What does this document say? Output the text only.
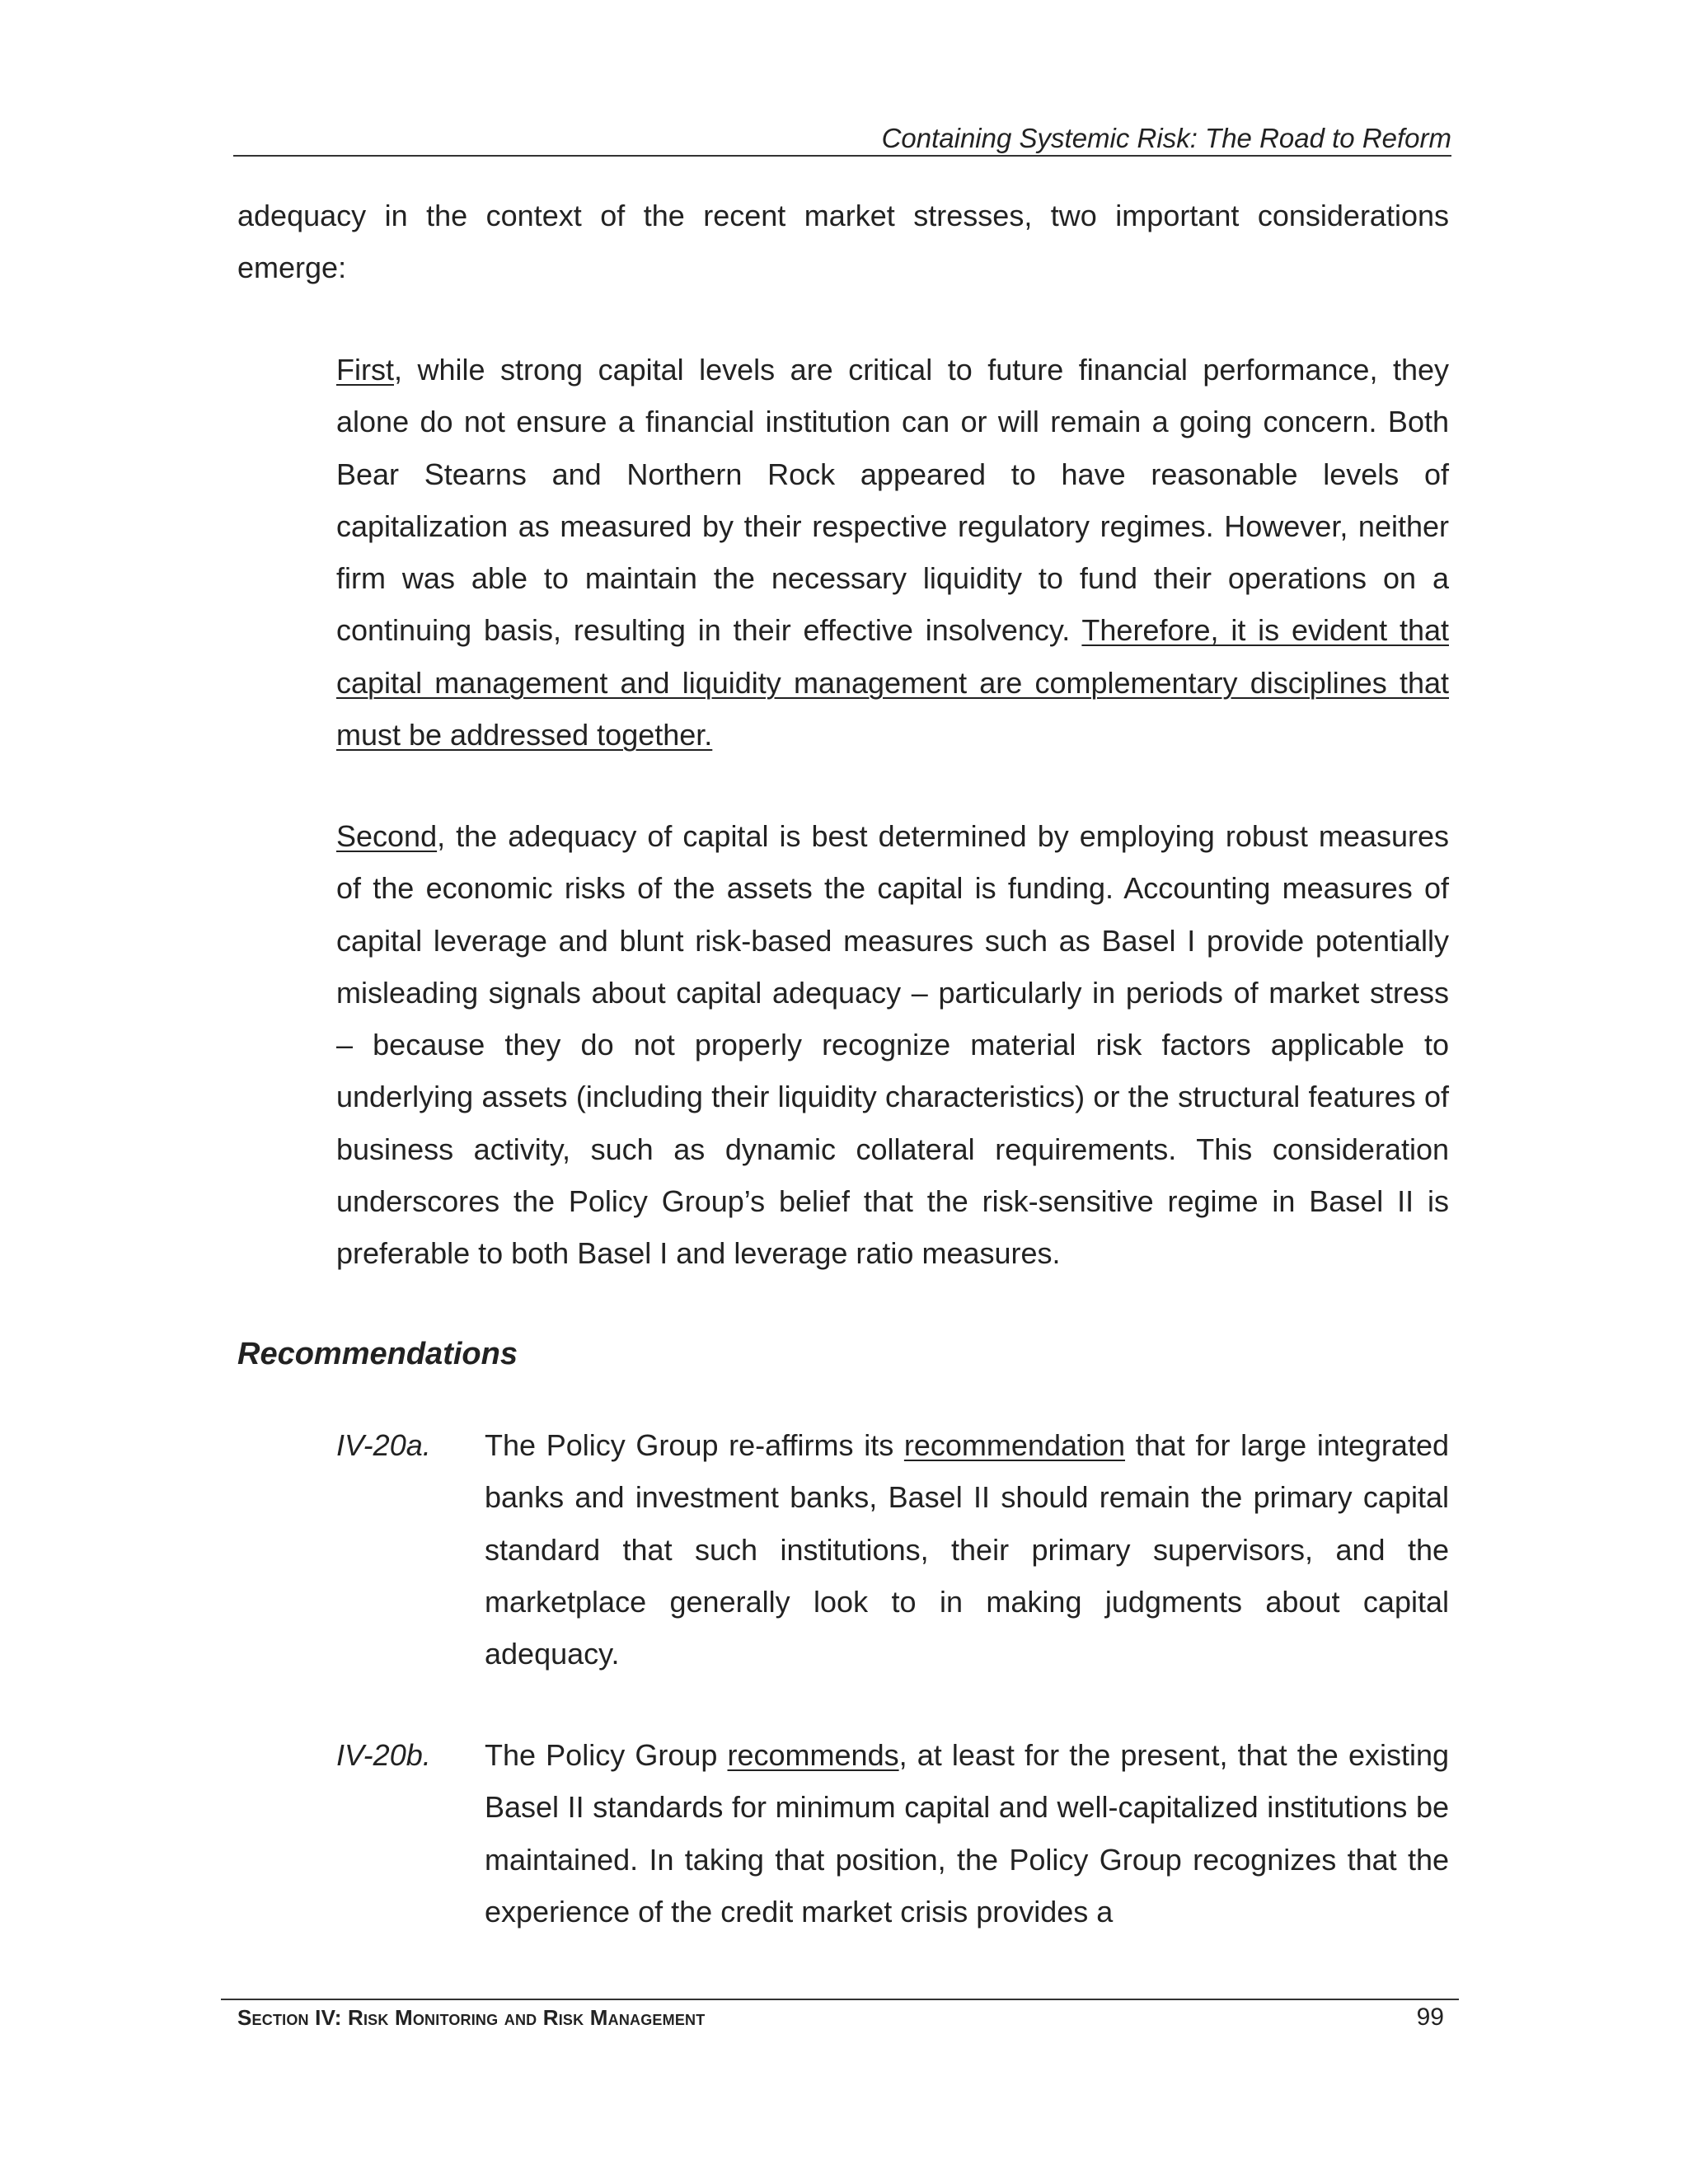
Containing Systemic Risk: The Road to Reform

adequacy in the context of the recent market stresses, two important considerations emerge:

First, while strong capital levels are critical to future financial performance, they alone do not ensure a financial institution can or will remain a going concern. Both Bear Stearns and Northern Rock appeared to have reasonable levels of capitalization as measured by their respective regulatory regimes. However, neither firm was able to maintain the necessary liquidity to fund their operations on a continuing basis, resulting in their effective insolvency. Therefore, it is evident that capital management and liquidity management are complementary disciplines that must be addressed together.

Second, the adequacy of capital is best determined by employing robust measures of the economic risks of the assets the capital is funding. Accounting measures of capital leverage and blunt risk-based measures such as Basel I provide potentially misleading signals about capital adequacy – particularly in periods of market stress – because they do not properly recognize material risk factors applicable to underlying assets (including their liquidity characteristics) or the structural features of business activity, such as dynamic collateral requirements. This consideration underscores the Policy Group’s belief that the risk-sensitive regime in Basel II is preferable to both Basel I and leverage ratio measures.

Recommendations
IV-20a. The Policy Group re-affirms its recommendation that for large integrated banks and investment banks, Basel II should remain the primary capital standard that such institutions, their primary supervisors, and the marketplace generally look to in making judgments about capital adequacy.

IV-20b. The Policy Group recommends, at least for the present, that the existing Basel II standards for minimum capital and well-capitalized institutions be maintained. In taking that position, the Policy Group recognizes that the experience of the credit market crisis provides a

Section IV: Risk Monitoring and Risk Management	99
